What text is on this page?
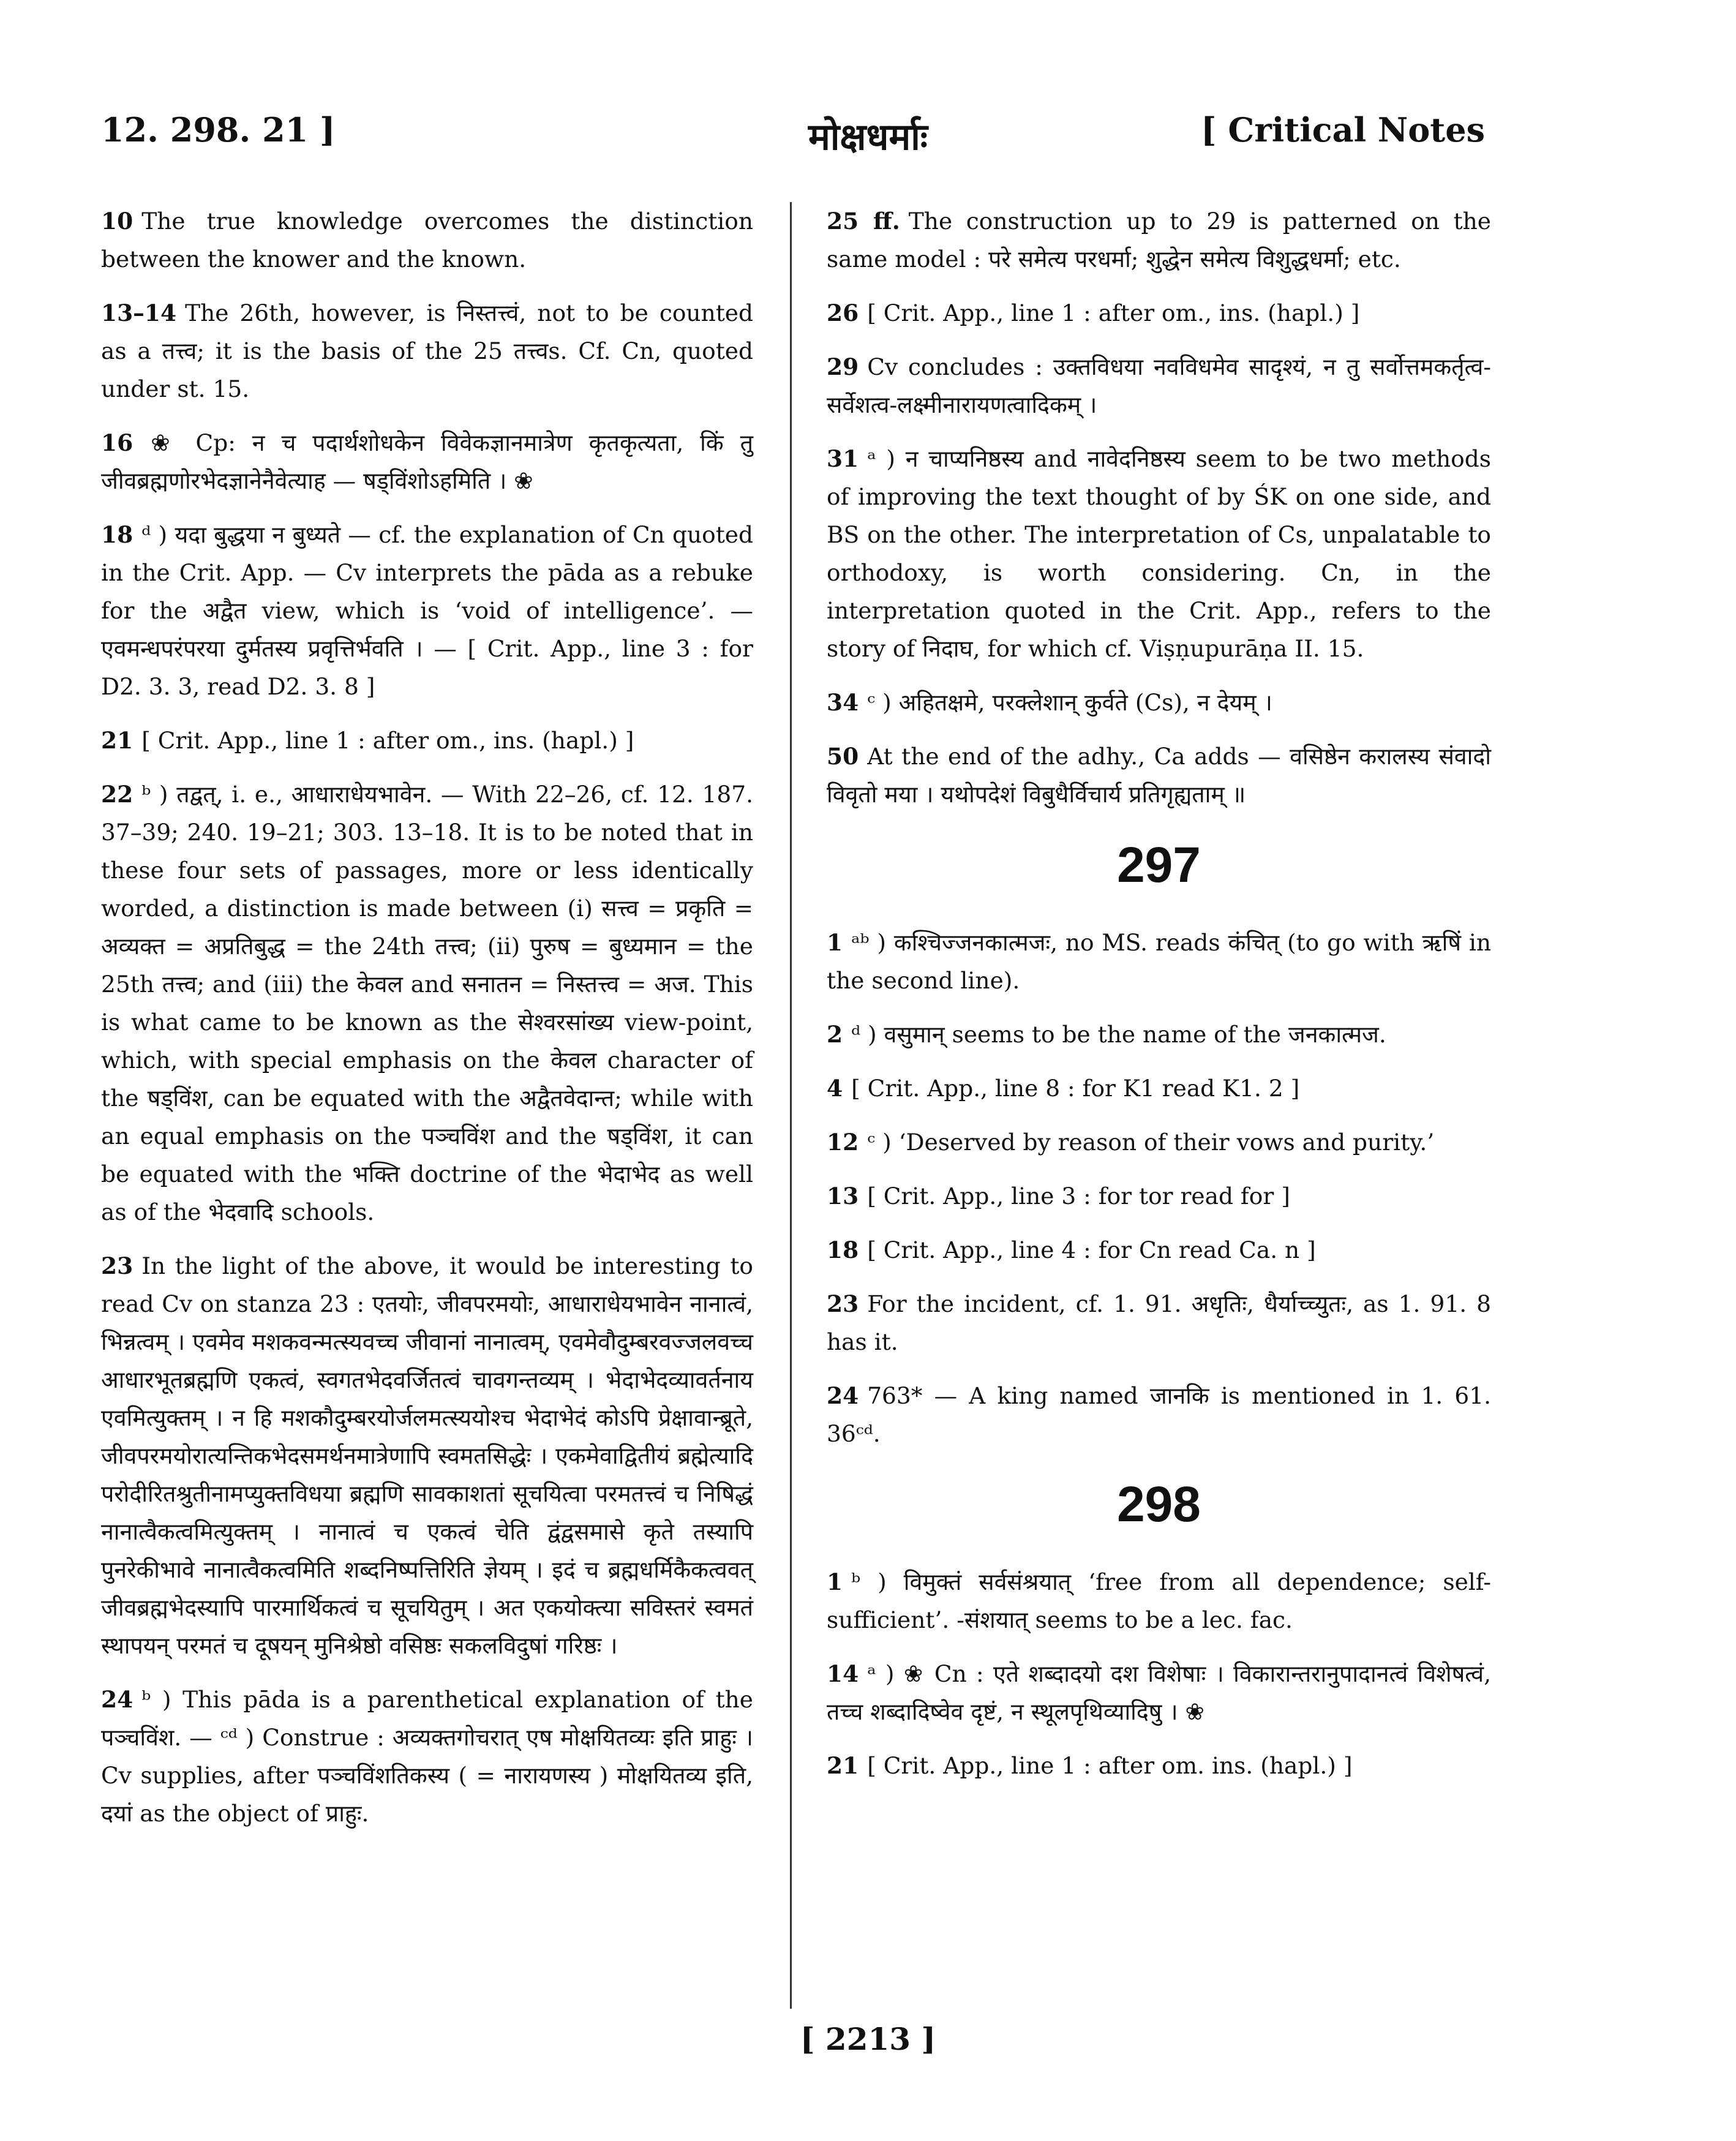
12. 298. 21 ]	मोक्षधर्माः	[ Critical Notes

10 The true knowledge overcomes the distinction between the knower and the known.

13–14 The 26th, however, is निस्तत्त्वं, not to be counted as a तत्त्व; it is the basis of the 25 तत्त्वs. Cf. Cn, quoted under st. 15.

16 ❀ Cp: न च पदार्थशोधकेन विवेकज्ञानमात्रेण कृतकृत्यता, किं तु जीवब्रह्मणोरभेदज्ञानेनैवेत्याह — षड्विंशोऽहमिति । ❀

18 ᵈ ) यदा बुद्धया न बुध्यते — cf. the explanation of Cn quoted in the Crit. App. — Cv interprets the pāda as a rebuke for the अद्वैत view, which is ‘void of intelligence’. — एवमन्धपरंपरया दुर्मतस्य प्रवृत्तिर्भवति । — [ Crit. App., line 3 : for D2. 3. 3, read D2. 3. 8 ]

21 [ Crit. App., line 1 : after om., ins. (hapl.) ]

22 ᵇ ) तद्वत्, i. e., आधाराधेयभावेन. — With 22–26, cf. 12. 187. 37–39; 240. 19–21; 303. 13–18. It is to be noted that in these four sets of passages, more or less identically worded, a distinction is made between (i) सत्त्व = प्रकृति = अव्यक्त = अप्रतिबुद्ध = the 24th तत्त्व; (ii) पुरुष = बुध्यमान = the 25th तत्त्व; and (iii) the केवल and सनातन = निस्तत्त्व = अज. This is what came to be known as the सेश्वरसांख्य view-point, which, with special emphasis on the केवल character of the षड्विंश, can be equated with the अद्वैतवेदान्त; while with an equal emphasis on the पञ्चविंश and the षड्विंश, it can be equated with the भक्ति doctrine of the भेदाभेद as well as of the भेदवादि schools.

23 In the light of the above, it would be interesting to read Cv on stanza 23 : एतयोः, जीवपरमयोः, आधाराधेयभावेन नानात्वं, भिन्नत्वम् । एवमेव मशकवन्मत्स्यवच्च जीवानां नानात्वम्, एवमेवौदुम्बरवज्जलवच्च आधारभूतब्रह्मणि एकत्वं, स्वगतभेदवर्जितत्वं चावगन्तव्यम् । भेदाभेदव्यावर्तनाय एवमित्युक्तम् । न हि मशकौदुम्बरयोर्जलमत्स्ययोश्च भेदाभेदं कोऽपि प्रेक्षावान्ब्रूते, जीवपरमयोरात्यन्तिकभेदसमर्थनमात्रेणापि स्वमतसिद्धेः । एकमेवाद्वितीयं ब्रह्मेत्यादि परोदीरितश्रुतीनामप्युक्तविधया ब्रह्मणि सावकाशतां सूचयित्वा परमतत्त्वं च निषिद्धं नानात्वैकत्वमित्युक्तम् । नानात्वं च एकत्वं चेति द्वंद्वसमासे कृते तस्यापि पुनरेकीभावे नानात्वैकत्वमिति शब्दनिष्पत्तिरिति ज्ञेयम् । इदं च ब्रह्मधर्मिकैकत्ववत् जीवब्रह्मभेदस्यापि पारमार्थिकत्वं च सूचयितुम् । अत एकयोक्त्या सविस्तरं स्वमतं स्थापयन् परमतं च दूषयन् मुनिश्रेष्ठो वसिष्ठः सकलविदुषां गरिष्ठः ।

24 ᵇ ) This pāda is a parenthetical explanation of the पञ्चविंश. — ᶜᵈ ) Construe : अव्यक्तगोचरात् एष मोक्षयितव्यः इति प्राहुः । Cv supplies, after पञ्चविंशतिकस्य ( = नारायणस्य ) मोक्षयितव्य इति, दयां as the object of प्राहुः.

25 ff. The construction up to 29 is patterned on the same model : परे समेत्य परधर्मा; शुद्धेन समेत्य विशुद्धधर्मा; etc.

26 [ Crit. App., line 1 : after om., ins. (hapl.) ]

29 Cv concludes : उक्तविधया नवविधमेव सादृश्यं, न तु सर्वोत्तमकर्तृत्व-सर्वेशत्व-लक्ष्मीनारायणत्वादिकम् ।

31 ᵃ ) न चाप्यनिष्ठस्य and नावेदनिष्ठस्य seem to be two methods of improving the text thought of by ŚK on one side, and BS on the other. The interpretation of Cs, unpalatable to orthodoxy, is worth considering. Cn, in the interpretation quoted in the Crit. App., refers to the story of निदाघ, for which cf. Viṣṇupurāṇa II. 15.

34 ᶜ ) अहितक्षमे, परक्लेशान् कुर्वते (Cs), न देयम् ।

50 At the end of the adhy., Ca adds — वसिष्ठेन करालस्य संवादो विवृतो मया । यथोपदेशं विबुधैर्विचार्य प्रतिगृह्यताम् ॥

297

1 ᵃᵇ ) कश्चिज्जनकात्मजः, no MS. reads कंचित् (to go with ऋषिं in the second line).

2 ᵈ ) वसुमान् seems to be the name of the जनकात्मज.

4 [ Crit. App., line 8 : for K1 read K1. 2 ]

12 ᶜ ) ‘Deserved by reason of their vows and purity.’

13 [ Crit. App., line 3 : for tor read for ]

18 [ Crit. App., line 4 : for Cn read Ca. n ]

23 For the incident, cf. 1. 91. अधृतिः, धैर्याच्च्युतः, as 1. 91. 8 has it.

24 763* — A king named जानकि is mentioned in 1. 61. 36ᶜᵈ.

298

1 ᵇ ) विमुक्तं सर्वसंश्रयात् ‘free from all dependence; self-sufficient’. -संशयात् seems to be a lec. fac.

14 ᵃ ) ❀ Cn : एते शब्दादयो दश विशेषाः । विकारान्तरानुपादानत्वं विशेषत्वं, तच्च शब्दादिष्वेव दृष्टं, न स्थूलपृथिव्यादिषु । ❀

21 [ Crit. App., line 1 : after om. ins. (hapl.) ]

[ 2213 ]
